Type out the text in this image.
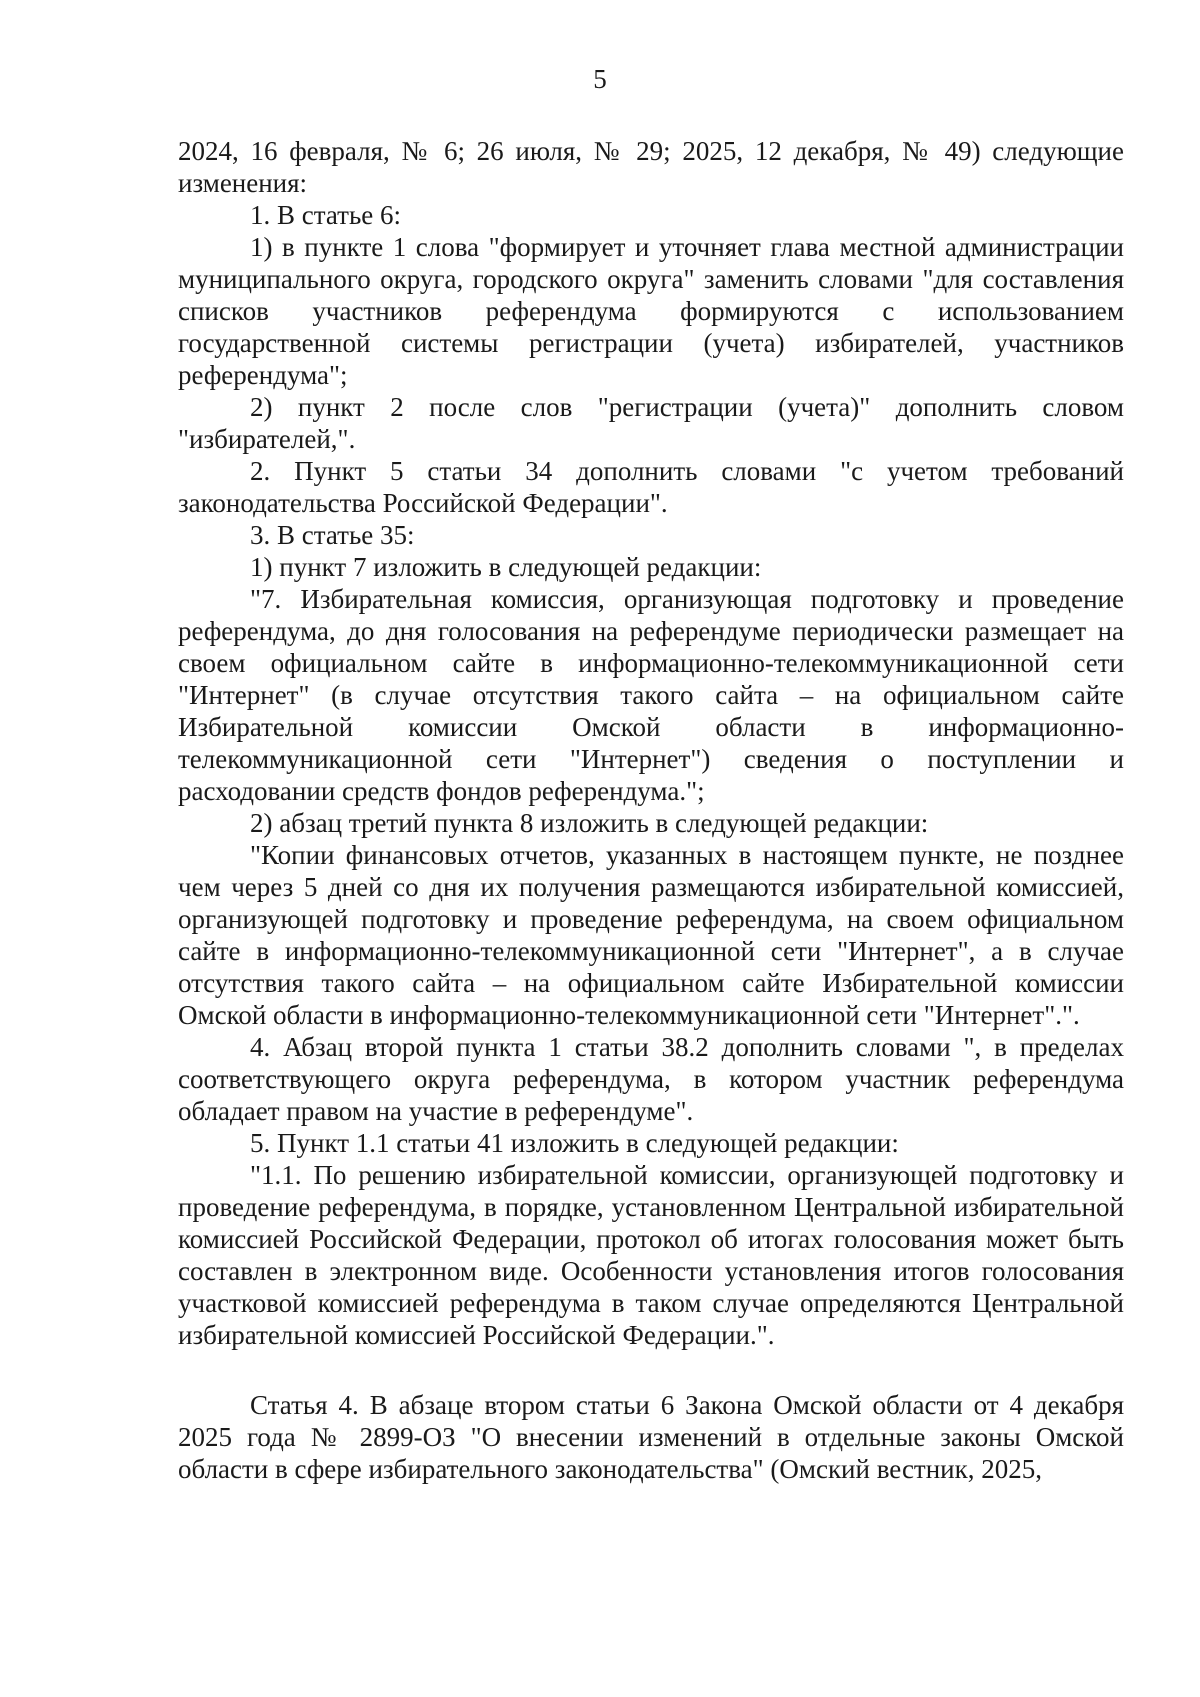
5

2024, 16 февраля, № 6; 26 июля, № 29; 2025, 12 декабря, № 49) следующие изменения:

1. В статье 6:

1) в пункте 1 слова "формирует и уточняет глава местной администрации муниципального округа, городского округа" заменить словами "для составления списков участников референдума формируются с использованием государственной системы регистрации (учета) избирателей, участников референдума";

2) пункт 2 после слов "регистрации (учета)" дополнить словом "избирателей,".

2. Пункт 5 статьи 34 дополнить словами "с учетом требований законодательства Российской Федерации".

3. В статье 35:

1) пункт 7 изложить в следующей редакции:

"7. Избирательная комиссия, организующая подготовку и проведение референдума, до дня голосования на референдуме периодически размещает на своем официальном сайте в информационно-телекоммуникационной сети "Интернет" (в случае отсутствия такого сайта – на официальном сайте Избирательной комиссии Омской области в информационно-телекоммуникационной сети "Интернет") сведения о поступлении и расходовании средств фондов референдума.";

2) абзац третий пункта 8 изложить в следующей редакции:

"Копии финансовых отчетов, указанных в настоящем пункте, не позднее чем через 5 дней со дня их получения размещаются избирательной комиссией, организующей подготовку и проведение референдума, на своем официальном сайте в информационно-телекоммуникационной сети "Интернет", а в случае отсутствия такого сайта – на официальном сайте Избирательной комиссии Омской области в информационно-телекоммуникационной сети "Интернет".".

4. Абзац второй пункта 1 статьи 38.2 дополнить словами ", в пределах соответствующего округа референдума, в котором участник референдума обладает правом на участие в референдуме".

5. Пункт 1.1 статьи 41 изложить в следующей редакции:

"1.1. По решению избирательной комиссии, организующей подготовку и проведение референдума, в порядке, установленном Центральной избирательной комиссией Российской Федерации, протокол об итогах голосования может быть составлен в электронном виде. Особенности установления итогов голосования участковой комиссией референдума в таком случае определяются Центральной избирательной комиссией Российской Федерации.".

Статья 4. В абзаце втором статьи 6 Закона Омской области от 4 декабря 2025 года № 2899-ОЗ "О внесении изменений в отдельные законы Омской области в сфере избирательного законодательства" (Омский вестник, 2025,
